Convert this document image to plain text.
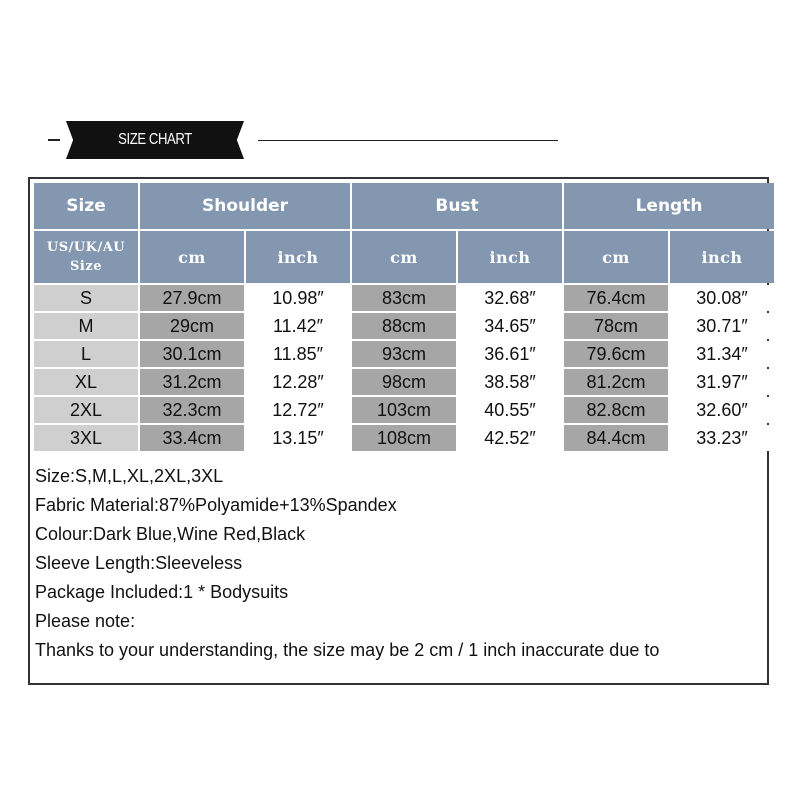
SIZE CHART
Size	Shoulder		Bust		Length	
US/UK/AU Size	cm	inch	cm	inch	cm	inch
S	27.9cm	10.98″	83cm	32.68″	76.4cm	30.08″
M	29cm	11.42″	88cm	34.65″	78cm	30.71″
L	30.1cm	11.85″	93cm	36.61″	79.6cm	31.34″
XL	31.2cm	12.28″	98cm	38.58″	81.2cm	31.97″
2XL	32.3cm	12.72″	103cm	40.55″	82.8cm	32.60″
3XL	33.4cm	13.15″	108cm	42.52″	84.4cm	33.23″
Size:S,M,L,XL,2XL,3XL
Fabric Material:87%Polyamide+13%Spandex
Colour:Dark Blue,Wine Red,Black
Sleeve Length:Sleeveless
Package Included:1 * Bodysuits
Please note:
Thanks to your understanding, the size may be 2 cm / 1 inch inaccurate due to
